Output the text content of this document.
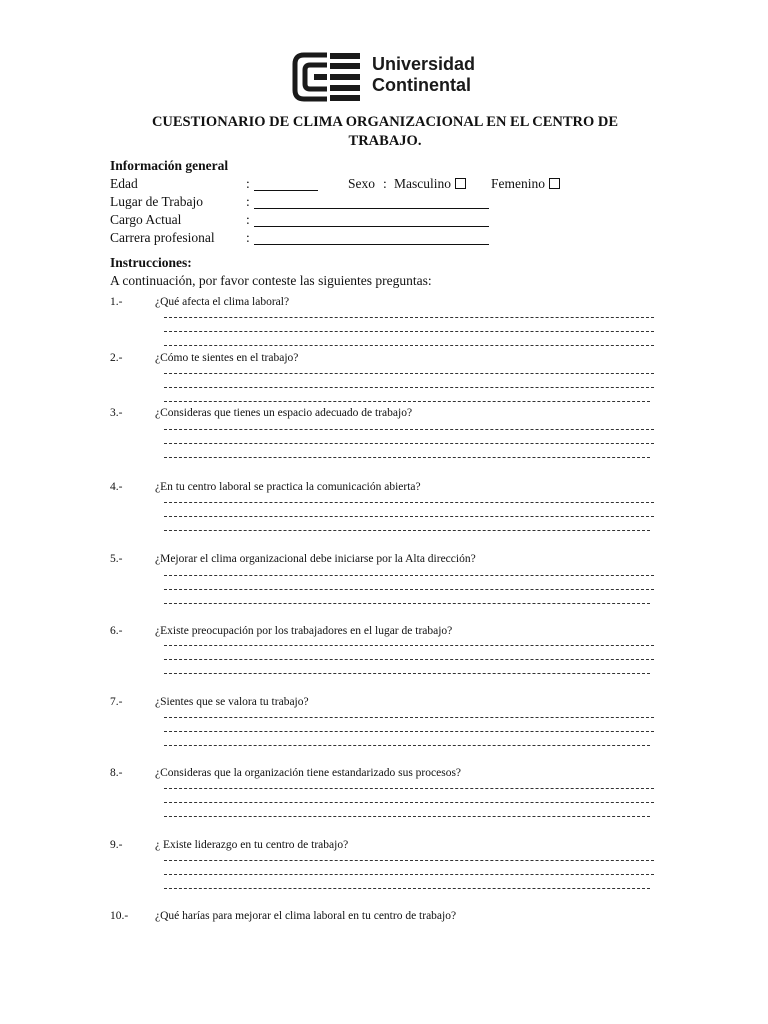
Universidad
Continental
CUESTIONARIO DE CLIMA ORGANIZACIONAL EN EL CENTRO DE
TRABAJO.
Información general
Edad	:	Sexo : Masculino	Femenino
Lugar de Trabajo	:
Cargo Actual	:
Carrera profesional :
Instrucciones:
A continuación, por favor conteste las siguientes preguntas:
1.-	¿Qué afecta el clima laboral?
2.-	¿Cómo te sientes en el trabajo?
3.-	¿Consideras que tienes un espacio adecuado de trabajo?
4.-	¿En tu centro laboral se practica la comunicación abierta?
5.-	¿Mejorar el clima organizacional debe iniciarse por la Alta dirección?
6.-	¿Existe preocupación por los trabajadores en el lugar de trabajo?
7.-	¿Sientes que se valora tu trabajo?
8.-	¿Consideras que la organización tiene estandarizado sus procesos?
9.-	¿ Existe liderazgo en tu centro de trabajo?
10.- ¿Qué harías para mejorar el clima laboral en tu centro de trabajo?
